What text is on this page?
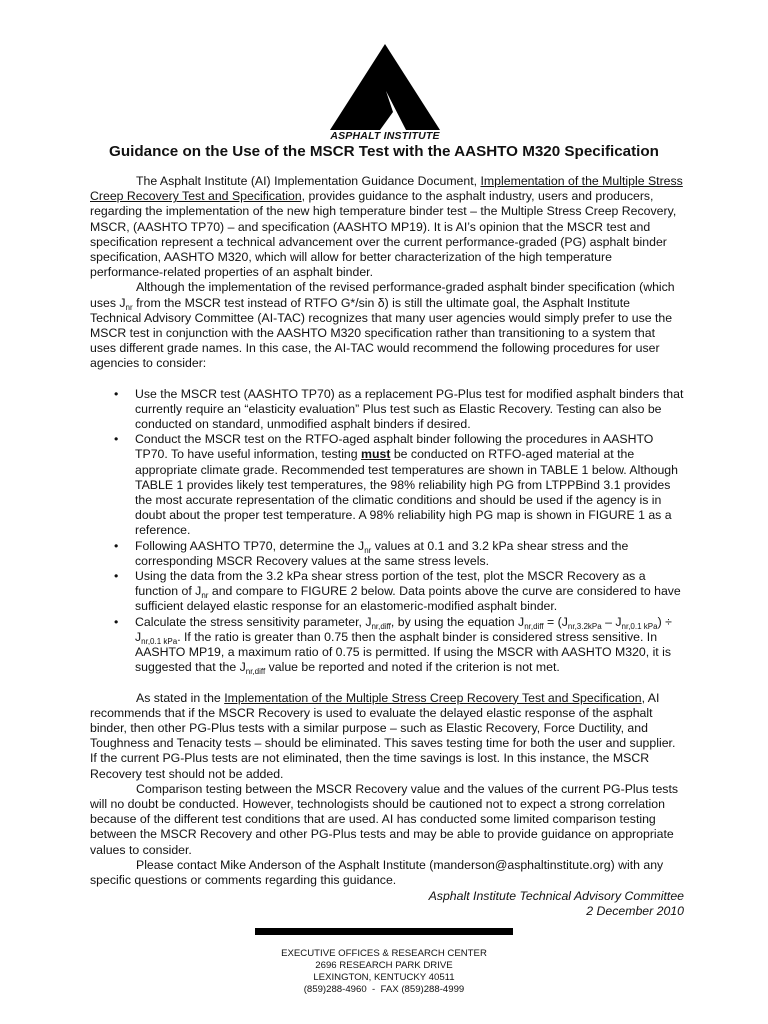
ASPHALT INSTITUTE
Guidance on the Use of the MSCR Test with the AASHTO M320 Specification

The Asphalt Institute (AI) Implementation Guidance Document, Implementation of the Multiple Stress Creep Recovery Test and Specification, provides guidance to the asphalt industry, users and producers, regarding the implementation of the new high temperature binder test – the Multiple Stress Creep Recovery, MSCR, (AASHTO TP70) – and specification (AASHTO MP19). It is AI’s opinion that the MSCR test and specification represent a technical advancement over the current performance-graded (PG) asphalt binder specification, AASHTO M320, which will allow for better characterization of the high temperature performance-related properties of an asphalt binder.

Although the implementation of the revised performance-graded asphalt binder specification (which uses $J_{nr}$ from the MSCR test instead of RTFO G*/sin δ) is still the ultimate goal, the Asphalt Institute Technical Advisory Committee (AI-TAC) recognizes that many user agencies would simply prefer to use the MSCR test in conjunction with the AASHTO M320 specification rather than transitioning to a system that uses different grade names. In this case, the AI-TAC would recommend the following procedures for user agencies to consider:

• Use the MSCR test (AASHTO TP70) as a replacement PG-Plus test for modified asphalt binders that currently require an “elasticity evaluation” Plus test such as Elastic Recovery. Testing can also be conducted on standard, unmodified asphalt binders if desired.
• Conduct the MSCR test on the RTFO-aged asphalt binder following the procedures in AASHTO TP70. To have useful information, testing must be conducted on RTFO-aged material at the appropriate climate grade. Recommended test temperatures are shown in TABLE 1 below. Although TABLE 1 provides likely test temperatures, the 98% reliability high PG from LTPPBind 3.1 provides the most accurate representation of the climatic conditions and should be used if the agency is in doubt about the proper test temperature. A 98% reliability high PG map is shown in FIGURE 1 as a reference.
• Following AASHTO TP70, determine the $J_{nr}$ values at 0.1 and 3.2 kPa shear stress and the corresponding MSCR Recovery values at the same stress levels.
• Using the data from the 3.2 kPa shear stress portion of the test, plot the MSCR Recovery as a function of $J_{nr}$ and compare to FIGURE 2 below. Data points above the curve are considered to have sufficient delayed elastic response for an elastomeric-modified asphalt binder.
• Calculate the stress sensitivity parameter, $J_{nr,diff}$, by using the equation $J_{nr,diff} = (J_{nr,3.2kPa} - J_{nr,0.1 kPa}) \div J_{nr,0.1 kPa}$. If the ratio is greater than 0.75 then the asphalt binder is considered stress sensitive. In AASHTO MP19, a maximum ratio of 0.75 is permitted. If using the MSCR with AASHTO M320, it is suggested that the $J_{nr,diff}$ value be reported and noted if the criterion is not met.

As stated in the Implementation of the Multiple Stress Creep Recovery Test and Specification, AI recommends that if the MSCR Recovery is used to evaluate the delayed elastic response of the asphalt binder, then other PG-Plus tests with a similar purpose – such as Elastic Recovery, Force Ductility, and Toughness and Tenacity tests – should be eliminated. This saves testing time for both the user and supplier. If the current PG-Plus tests are not eliminated, then the time savings is lost. In this instance, the MSCR Recovery test should not be added.

Comparison testing between the MSCR Recovery value and the values of the current PG-Plus tests will no doubt be conducted. However, technologists should be cautioned not to expect a strong correlation because of the different test conditions that are used. AI has conducted some limited comparison testing between the MSCR Recovery and other PG-Plus tests and may be able to provide guidance on appropriate values to consider.

Please contact Mike Anderson of the Asphalt Institute (manderson@asphaltinstitute.org) with any specific questions or comments regarding this guidance.

Asphalt Institute Technical Advisory Committee
2 December 2010
EXECUTIVE OFFICES & RESEARCH CENTER
2696 RESEARCH PARK DRIVE
LEXINGTON, KENTUCKY 40511
(859)288-4960  -  FAX (859)288-4999
